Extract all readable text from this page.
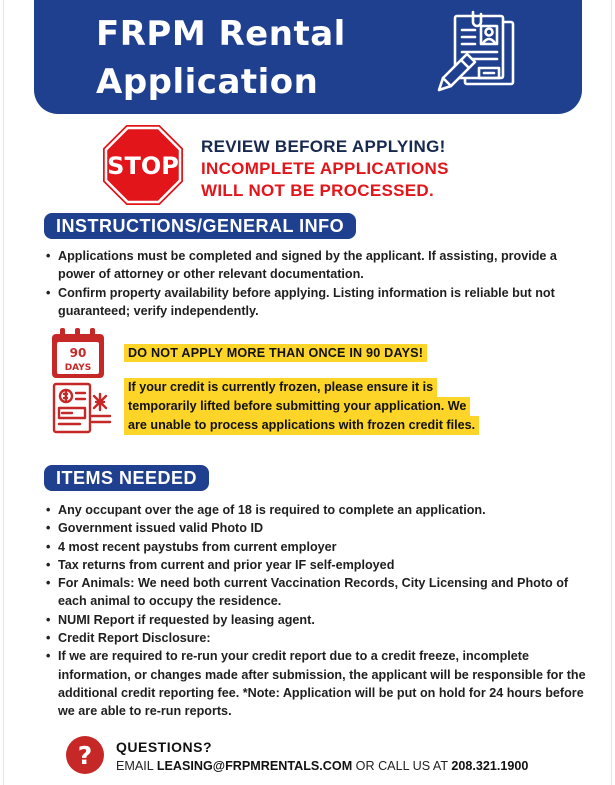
FRPM Rental
Application
STOP
REVIEW BEFORE APPLYING!
INCOMPLETE APPLICATIONS
WILL NOT BE PROCESSED.
INSTRUCTIONS/GENERAL INFO
• Applications must be completed and signed by the applicant. If assisting, provide a power of attorney or other relevant documentation.
• Confirm property availability before applying. Listing information is reliable but not guaranteed; verify independently.
90
DAYS
DO NOT APPLY MORE THAN ONCE IN 90 DAYS!
If your credit is currently frozen, please ensure it is
temporarily lifted before submitting your application. We
are unable to process applications with frozen credit files.
ITEMS NEEDED
• Any occupant over the age of 18 is required to complete an application.
• Government issued valid Photo ID
• 4 most recent paystubs from current employer
• Tax returns from current and prior year IF self-employed
• For Animals: We need both current Vaccination Records, City Licensing and Photo of each animal to occupy the residence.
• NUMI Report if requested by leasing agent.
• Credit Report Disclosure:
• If we are required to re-run your credit report due to a credit freeze, incomplete information, or changes made after submission, the applicant will be responsible for the additional credit reporting fee. *Note: Application will be put on hold for 24 hours before we are able to re-run reports.
? QUESTIONS?
EMAIL LEASING@FRPMRENTALS.COM OR CALL US AT 208.321.1900
